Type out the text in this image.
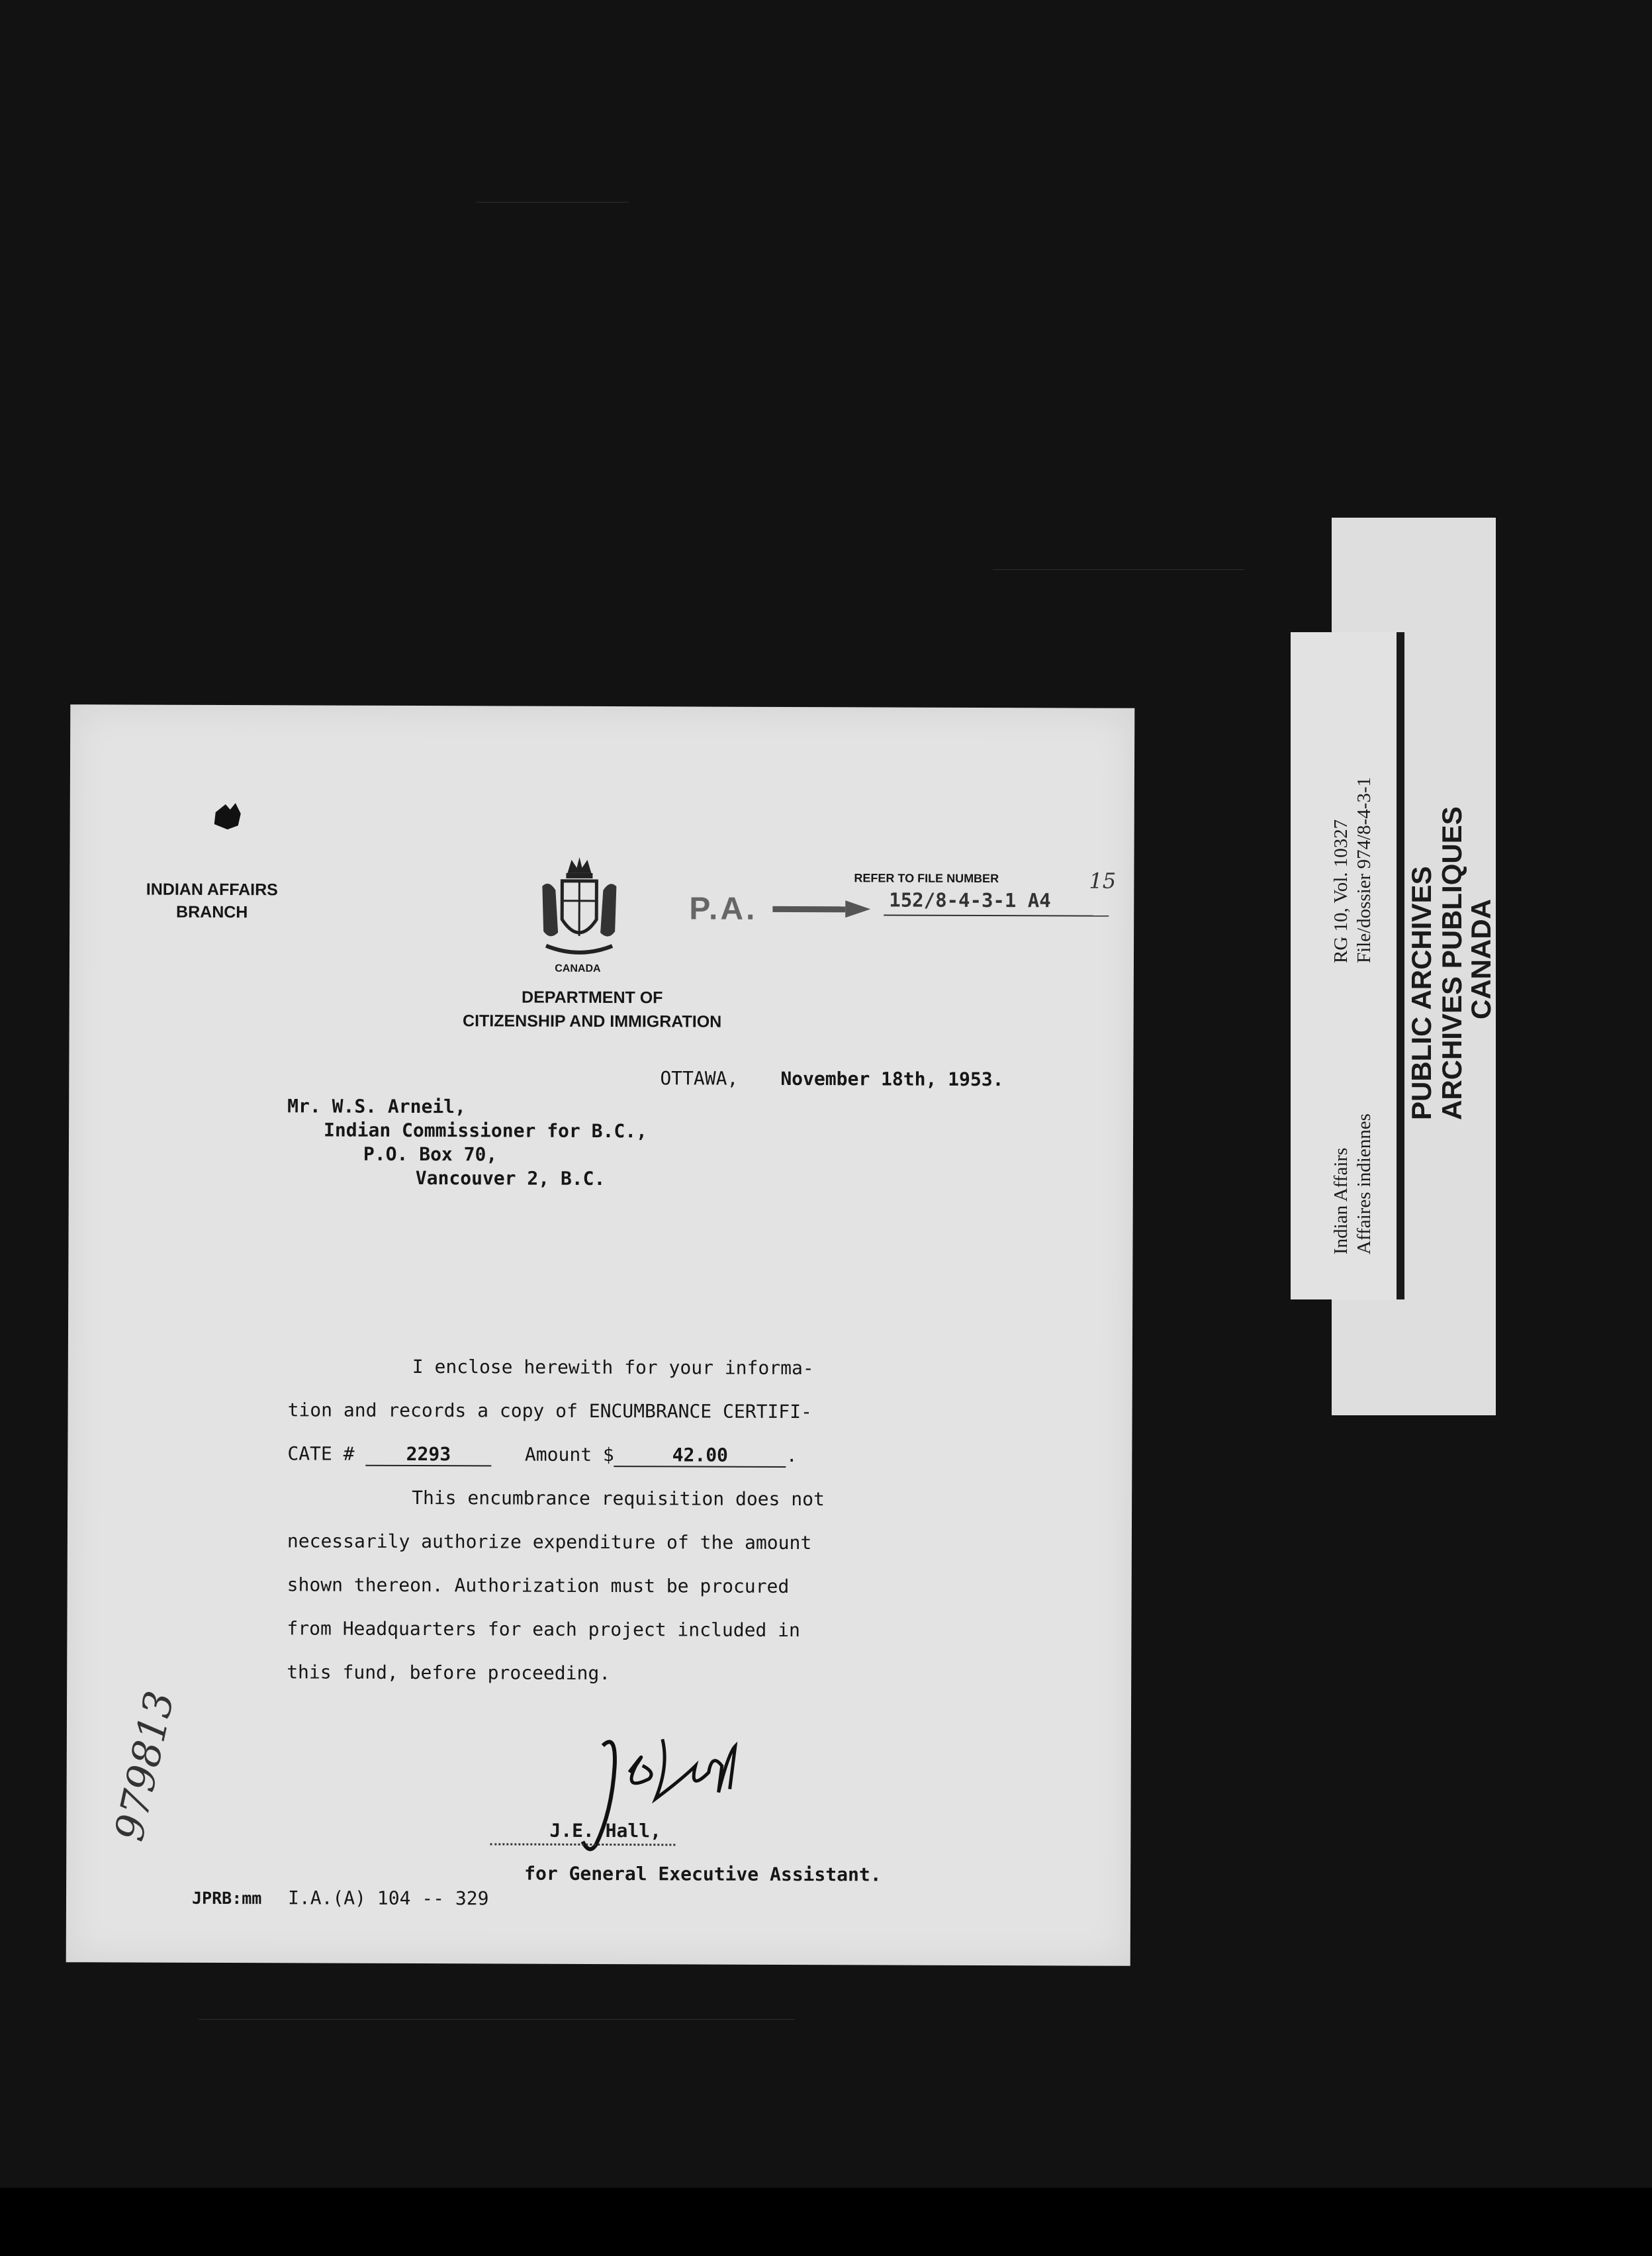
INDIAN AFFAIRS
BRANCH
CANADA
DEPARTMENT OF
CITIZENSHIP AND IMMIGRATION
P.A.
REFER TO FILE NUMBER
152/8-4-3-1 A4
15
OTTAWA, November 18th, 1953.
Mr. W.S. Arneil,
Indian Commissioner for B.C.,
P.O. Box 70,
Vancouver 2, B.C.
I enclose herewith for your informa-
tion and records a copy of ENCUMBRANCE CERTIFI-
CATE #	2293	Amount $	42.00	.
This encumbrance requisition does not
necessarily authorize expenditure of the amount
shown thereon. Authorization must be procured
from Headquarters for each project included in
this fund, before proceeding.
J.E. Hall,
for General Executive Assistant.
JPRB:mm I.A.(A) 104 -- 329
979813
Indian Affairs Affaires indiennes
RG 10, Vol. 10327 File/dossier 974/8-4-3-1 PUBLIC ARCHIVES ARCHIVES PUBLIQUES
CANADA
